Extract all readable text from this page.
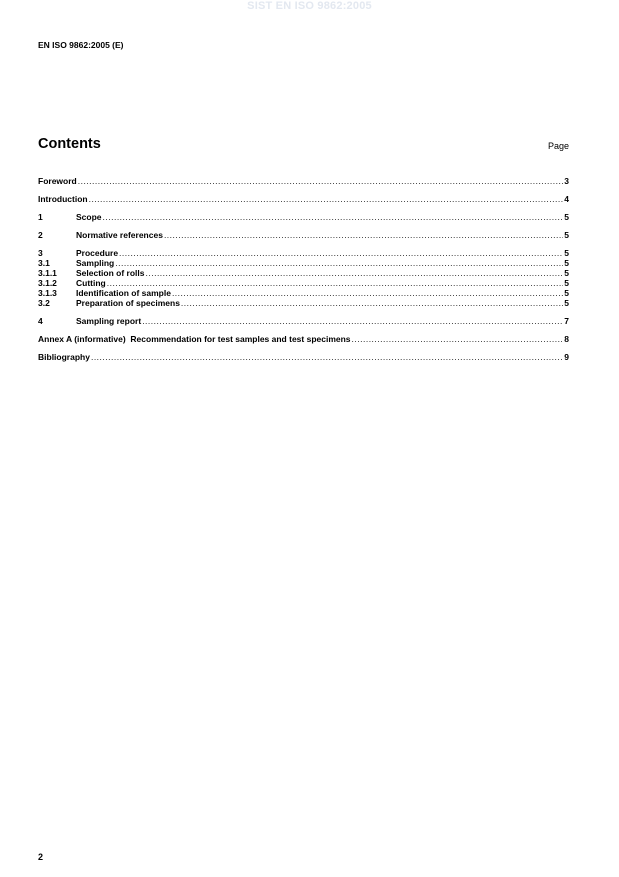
SIST EN ISO 9862:2005
EN ISO 9862:2005 (E)
Contents	Page
Foreword .....	3
Introduction .....	4
1	Scope .....	5
2	Normative references .....	5
3	Procedure .....	5
3.1	Sampling .....	5
3.1.1	Selection of rolls .....	5
3.1.2	Cutting .....	5
3.1.3	Identification of sample .....	5
3.2	Preparation of specimens .....	5
4	Sampling report .....	7
Annex A (informative)  Recommendation for test samples and test specimens .....	8
Bibliography .....	9
2
